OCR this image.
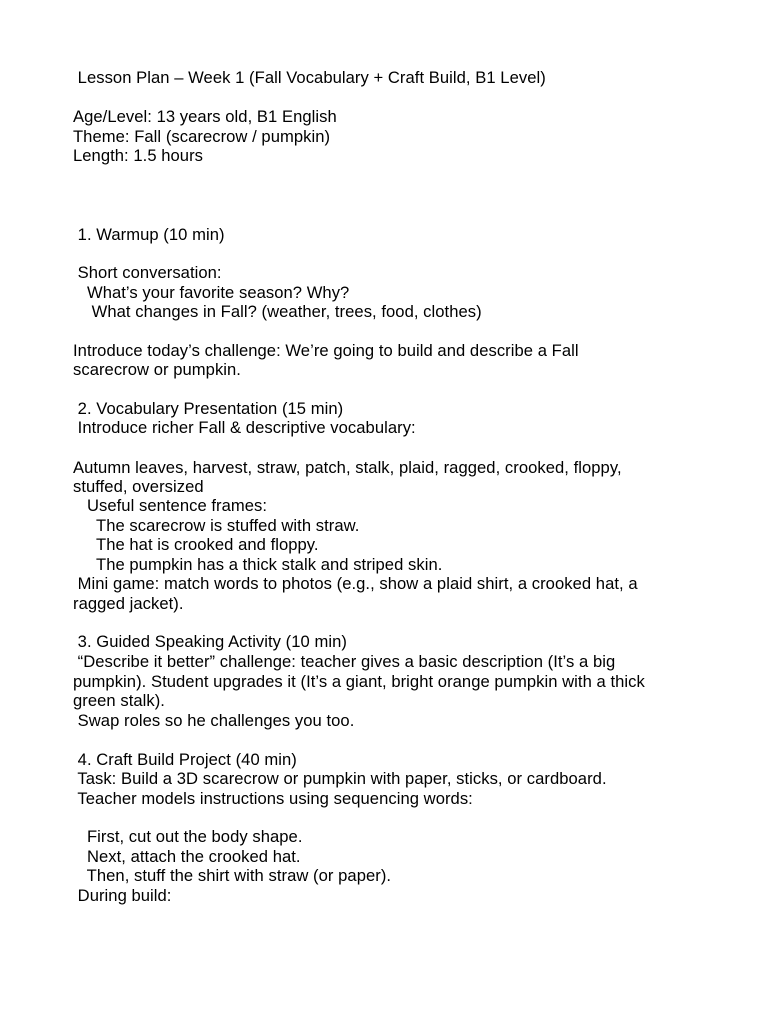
Lesson Plan – Week 1 (Fall Vocabulary + Craft Build, B1 Level)
Age/Level: 13 years old, B1 English
Theme: Fall (scarecrow / pumpkin)
Length: 1.5 hours
1. Warmup (10 min)
Short conversation:
What’s your favorite season? Why?
What changes in Fall? (weather, trees, food, clothes)
Introduce today’s challenge: We’re going to build and describe a Fall
scarecrow or pumpkin.
2. Vocabulary Presentation (15 min)
Introduce richer Fall & descriptive vocabulary:
Autumn leaves, harvest, straw, patch, stalk, plaid, ragged, crooked, floppy,
stuffed, oversized
Useful sentence frames:
The scarecrow is stuffed with straw.
The hat is crooked and floppy.
The pumpkin has a thick stalk and striped skin.
Mini game: match words to photos (e.g., show a plaid shirt, a crooked hat, a
ragged jacket).
3. Guided Speaking Activity (10 min)
“Describe it better” challenge: teacher gives a basic description (It’s a big
pumpkin). Student upgrades it (It’s a giant, bright orange pumpkin with a thick
green stalk).
Swap roles so he challenges you too.
4. Craft Build Project (40 min)
Task: Build a 3D scarecrow or pumpkin with paper, sticks, or cardboard.
Teacher models instructions using sequencing words:
First, cut out the body shape.
Next, attach the crooked hat.
Then, stuff the shirt with straw (or paper).
During build:
